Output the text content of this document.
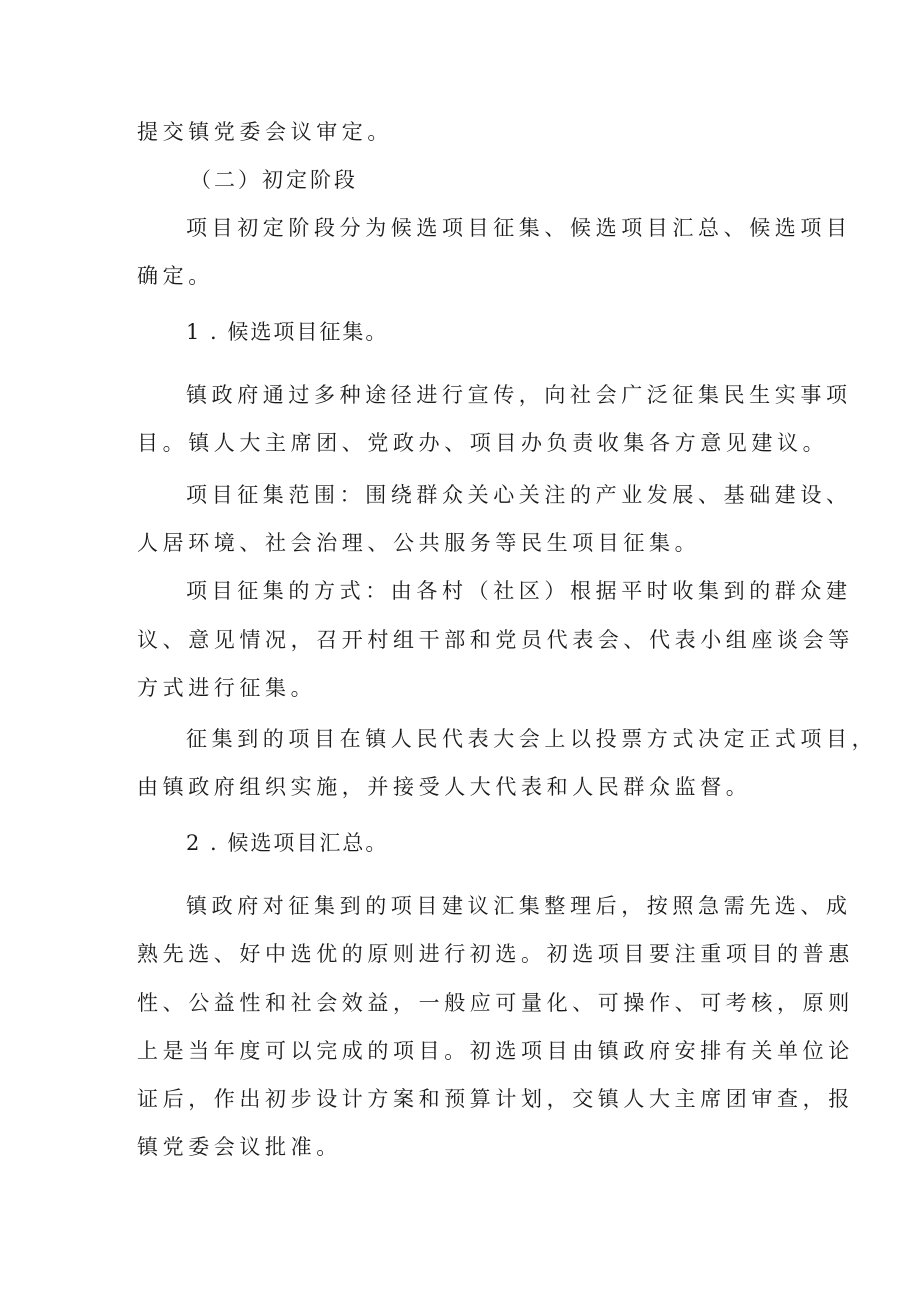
提交镇党委会议审定。
（二）初定阶段
项目初定阶段分为候选项目征集、候选项目汇总、候选项目
确定。
1 . 候选项目征集。
镇政府通过多种途径进行宣传，向社会广泛征集民生实事项
目。镇人大主席团、党政办、项目办负责收集各方意见建议。
项目征集范围：围绕群众关心关注的产业发展、基础建设、
人居环境、社会治理、公共服务等民生项目征集。
项目征集的方式：由各村（社区）根据平时收集到的群众建
议、意见情况，召开村组干部和党员代表会、代表小组座谈会等
方式进行征集。
征集到的项目在镇人民代表大会上以投票方式决定正式项目，
由镇政府组织实施，并接受人大代表和人民群众监督。
2 . 候选项目汇总。
镇政府对征集到的项目建议汇集整理后，按照急需先选、成
熟先选、好中选优的原则进行初选。初选项目要注重项目的普惠
性、公益性和社会效益，一般应可量化、可操作、可考核，原则
上是当年度可以完成的项目。初选项目由镇政府安排有关单位论
证后，作出初步设计方案和预算计划，交镇人大主席团审查，报
镇党委会议批准。
